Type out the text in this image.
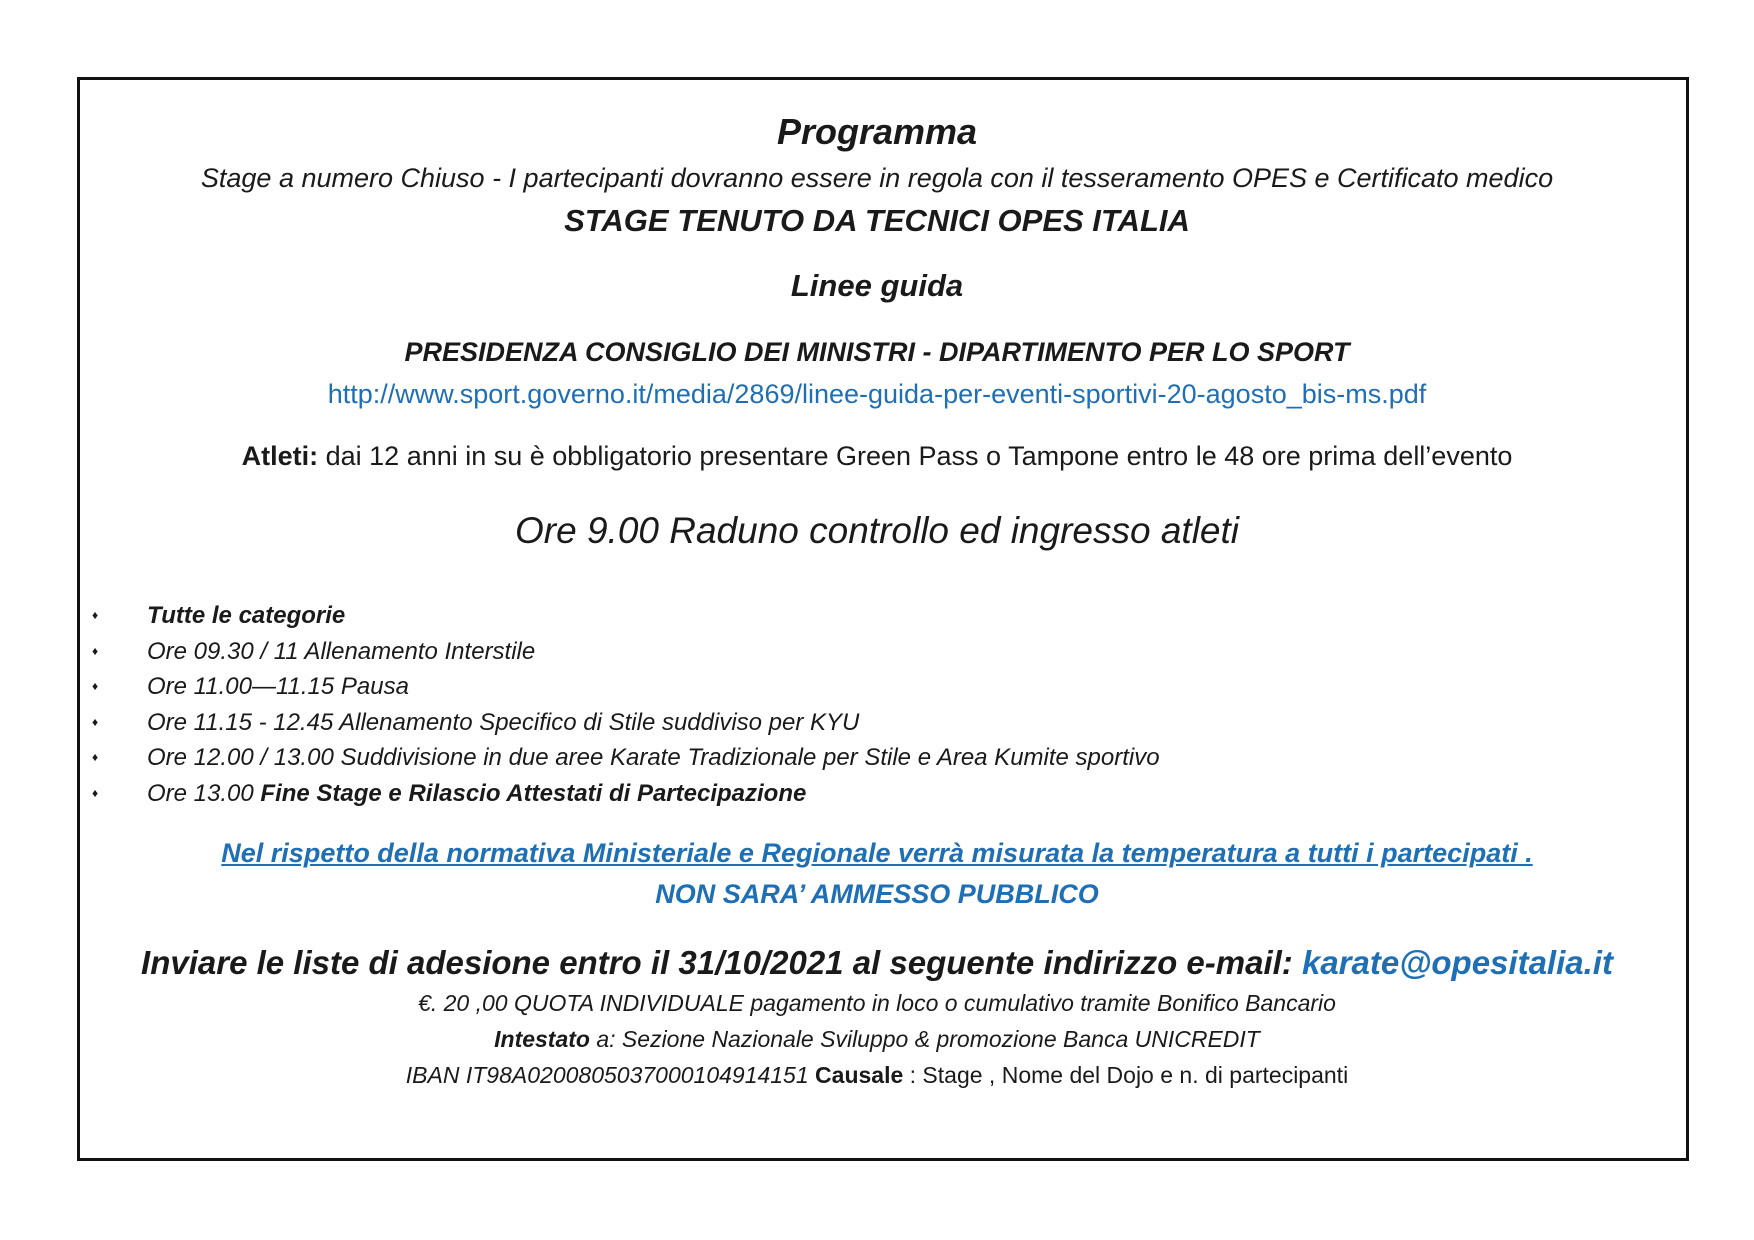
Programma
Stage a numero Chiuso - I partecipanti dovranno essere in regola con il tesseramento OPES e Certificato medico
STAGE TENUTO DA TECNICI OPES ITALIA
Linee guida
PRESIDENZA CONSIGLIO DEI MINISTRI - DIPARTIMENTO PER LO SPORT
http://www.sport.governo.it/media/2869/linee-guida-per-eventi-sportivi-20-agosto_bis-ms.pdf
Atleti: dai 12 anni in su è obbligatorio presentare Green Pass o Tampone entro le 48 ore prima dell’evento
Ore 9.00 Raduno controllo ed ingresso atleti
♦ Tutte le categorie
♦ Ore 09.30 / 11 Allenamento Interstile
♦ Ore 11.00—11.15 Pausa
♦ Ore 11.15 - 12.45 Allenamento Specifico di Stile suddiviso per KYU
♦ Ore 12.00 / 13.00 Suddivisione in due aree Karate Tradizionale per Stile e Area Kumite sportivo
♦ Ore 13.00 Fine Stage e Rilascio Attestati di Partecipazione
Nel rispetto della normativa Ministeriale e Regionale verrà misurata la temperatura a tutti i partecipati .
NON SARA’ AMMESSO PUBBLICO
Inviare le liste di adesione entro il 31/10/2021 al seguente indirizzo e-mail: karate@opesitalia.it
€. 20 ,00 QUOTA INDIVIDUALE pagamento in loco o cumulativo tramite Bonifico Bancario
Intestato a: Sezione Nazionale Sviluppo & promozione Banca UNICREDIT
IBAN IT98A0200805037000104914151 Causale : Stage , Nome del Dojo e n. di partecipanti
